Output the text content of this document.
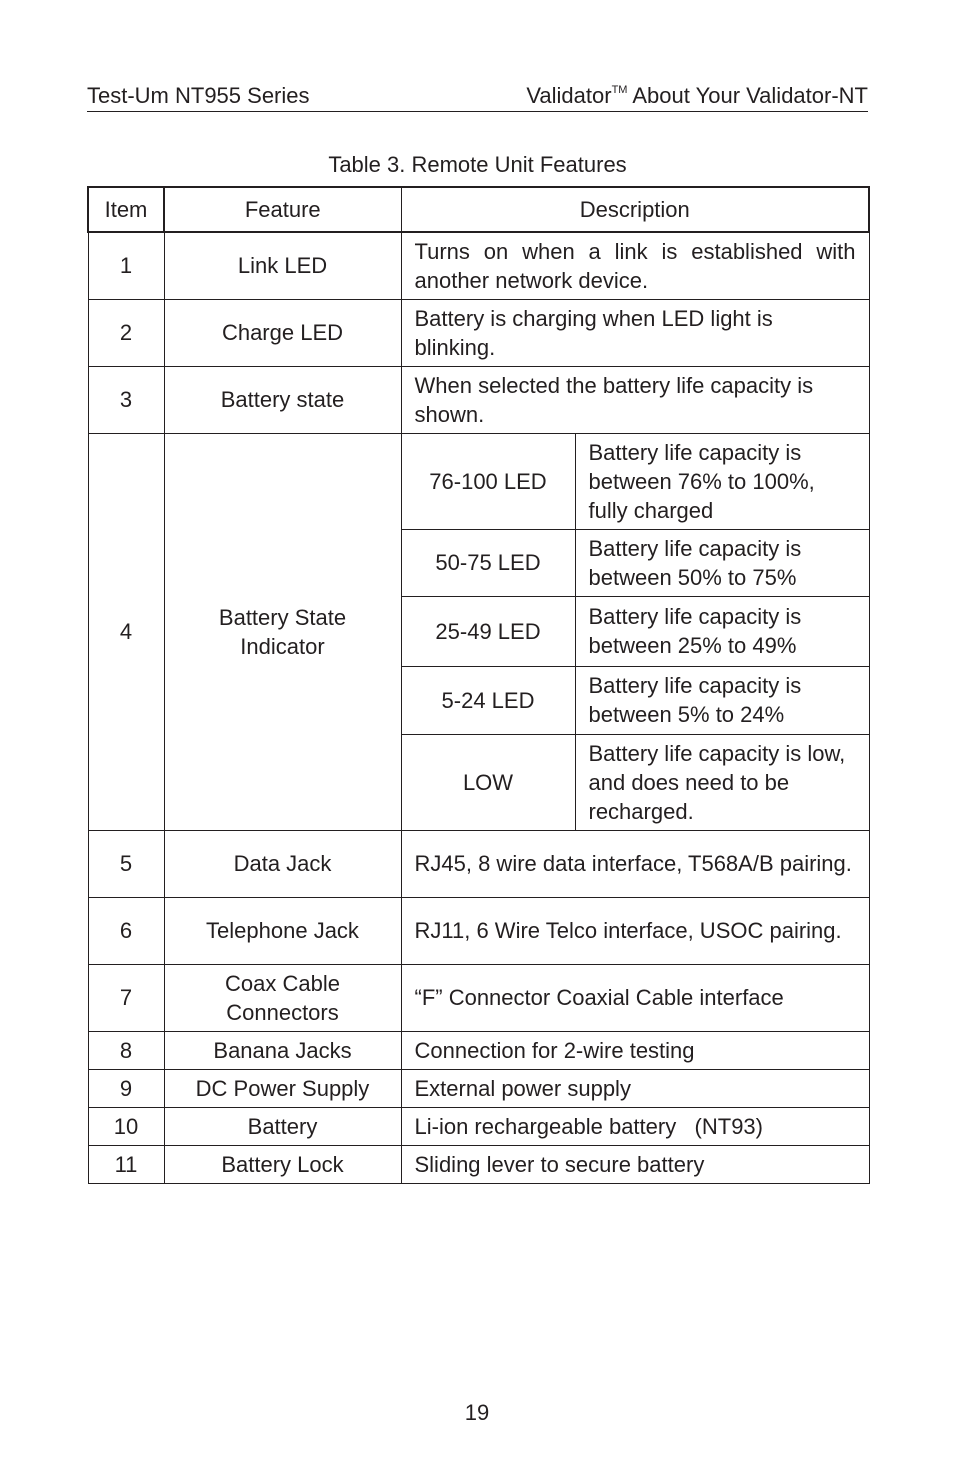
Test-Um NT955 Series	Validator™ About Your Validator-NT
Table 3. Remote Unit Features
Item	Feature	Description	
1	Link LED	Turns on when a link is established with another network device.	
2	Charge LED	Battery is charging when LED light is blinking.	
3	Battery state	When selected the battery life capacity is shown.	
4	Battery State Indicator	76-100 LED	Battery life capacity is between 76% to 100%, fully charged
		50-75 LED	Battery life capacity is between 50% to 75%
		25-49 LED	Battery life capacity is between 25% to 49%
		5-24 LED	Battery life capacity is between 5% to 24%
		LOW	Battery life capacity is low, and does need to be recharged.
5	Data Jack	RJ45, 8 wire data interface, T568A/B pairing.	
6	Telephone Jack	RJ11, 6 Wire Telco interface, USOC pairing.	
7	Coax Cable Connectors	“F” Connector Coaxial Cable interface	
8	Banana Jacks	Connection for 2-wire testing	
9	DC Power Supply	External power supply	
10	Battery	Li-ion rechargeable battery   (NT93)	
11	Battery Lock	Sliding lever to secure battery	
19
